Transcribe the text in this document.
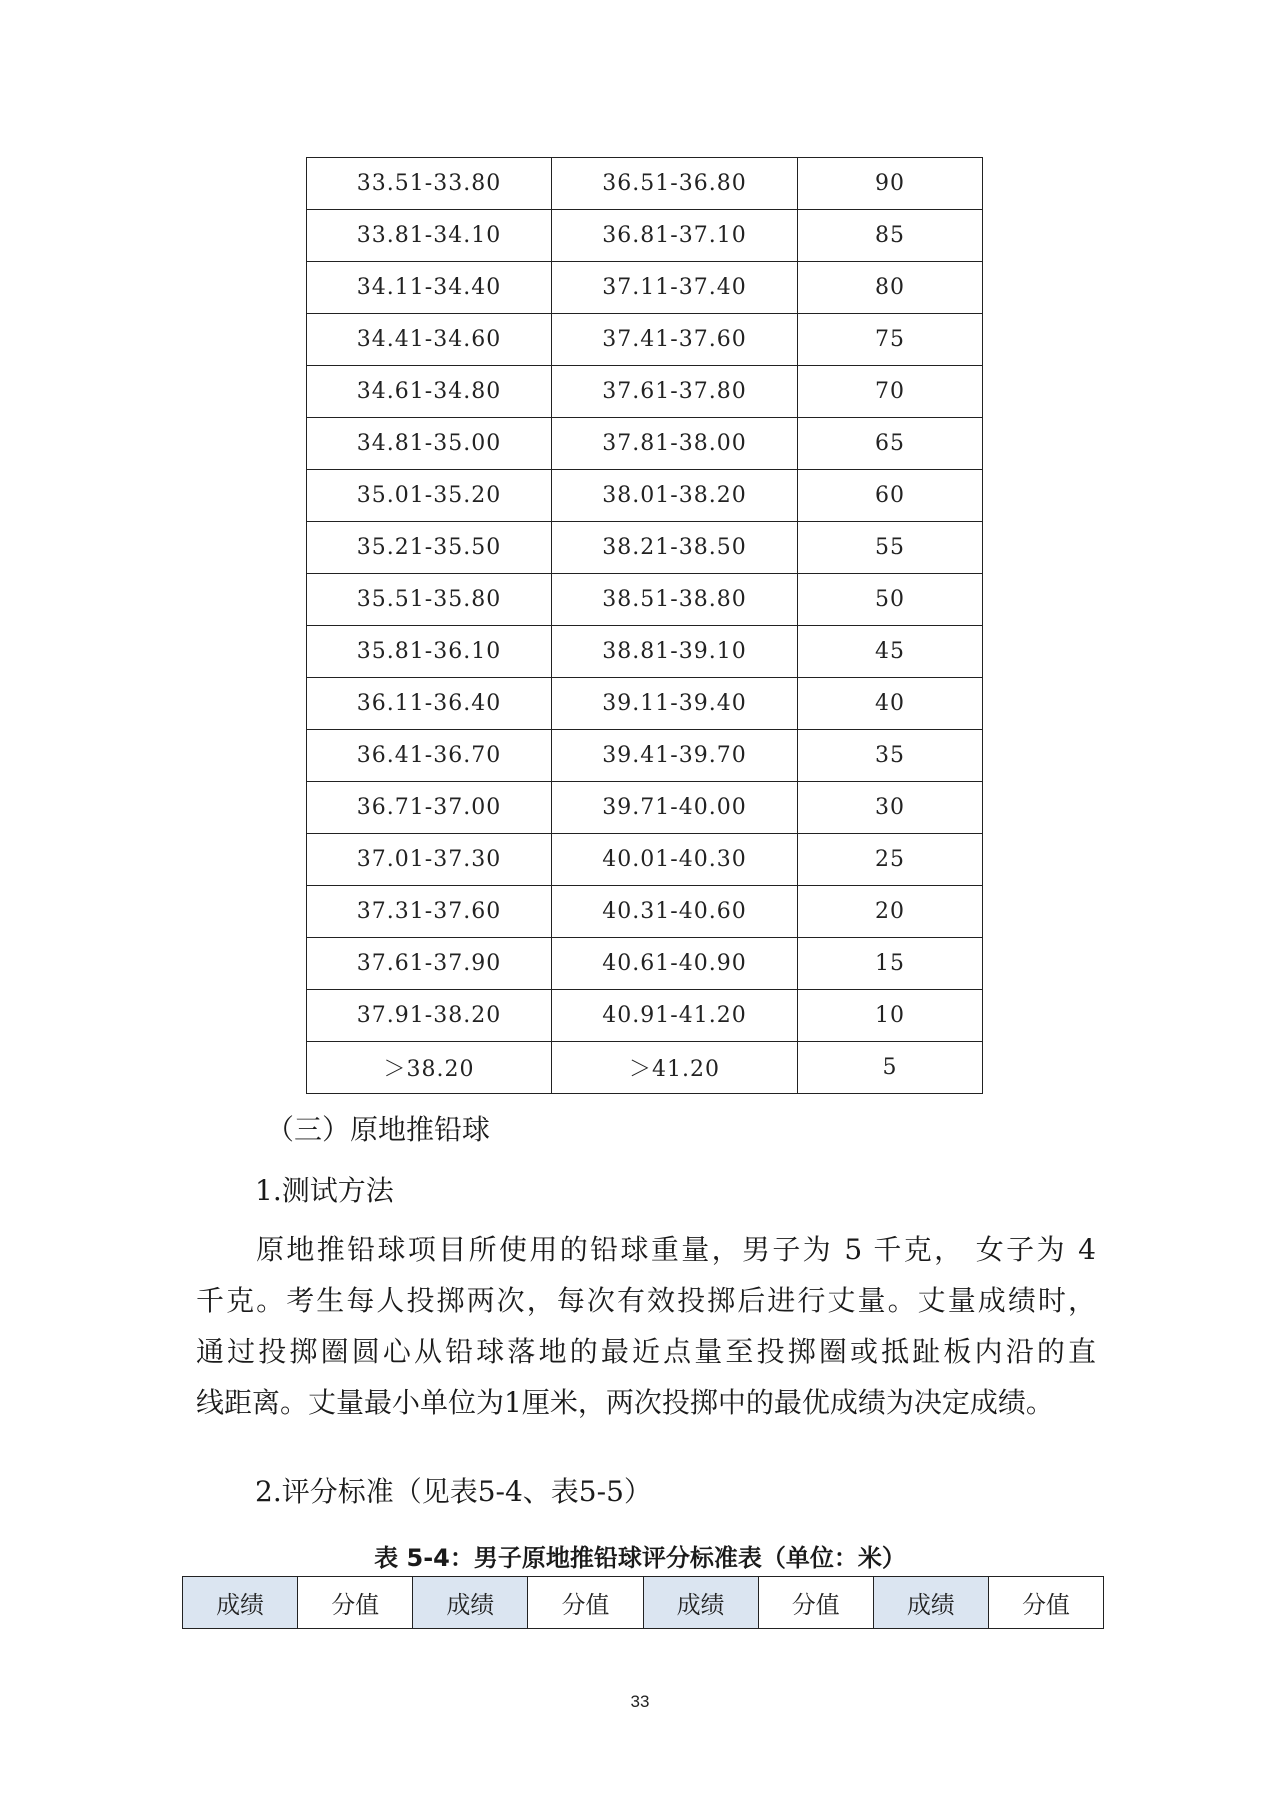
33.51-33.80	36.51-36.80	90
33.81-34.10	36.81-37.10	85
34.11-34.40	37.11-37.40	80
34.41-34.60	37.41-37.60	75
34.61-34.80	37.61-37.80	70
34.81-35.00	37.81-38.00	65
35.01-35.20	38.01-38.20	60
35.21-35.50	38.21-38.50	55
35.51-35.80	38.51-38.80	50
35.81-36.10	38.81-39.10	45
36.11-36.40	39.11-39.40	40
36.41-36.70	39.41-39.70	35
36.71-37.00	39.71-40.00	30
37.01-37.30	40.01-40.30	25
37.31-37.60	40.31-40.60	20
37.61-37.90	40.61-40.90	15
37.91-38.20	40.91-41.20	10
＞38.20	＞41.20	5
（三）原地推铅球
1.测试方法
原地推铅球项目所使用的铅球重量，男子为 5 千克， 女子为 4
千克。考生每人投掷两次，每次有效投掷后进行丈量。丈量成绩时，
通过投掷圈圆心从铅球落地的最近点量至投掷圈或抵趾板内沿的直
线距离。丈量最小单位为1厘米，两次投掷中的最优成绩为决定成绩。
2.评分标准（见表5-4、表5-5）
表 5-4：男子原地推铅球评分标准表（单位：米）
成绩	分值	成绩	分值	成绩	分值	成绩	分值
33
